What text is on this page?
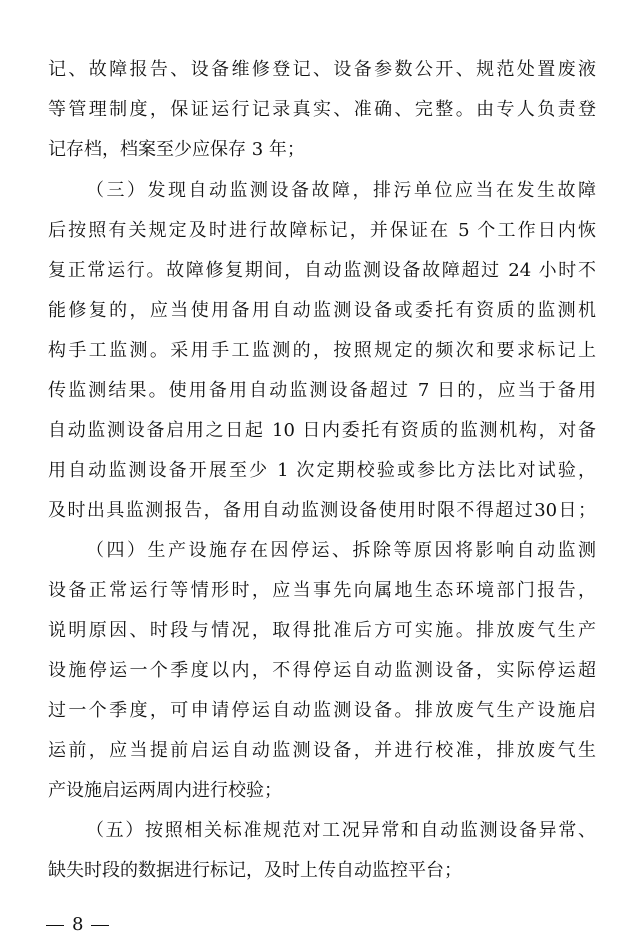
记、故障报告、设备维修登记、设备参数公开、规范处置废液
等管理制度，保证运行记录真实、准确、完整。由专人负责登
记存档，档案至少应保存 3 年；
（三）发现自动监测设备故障，排污单位应当在发生故障
后按照有关规定及时进行故障标记，并保证在 5 个工作日内恢
复正常运行。故障修复期间，自动监测设备故障超过 24 小时不
能修复的，应当使用备用自动监测设备或委托有资质的监测机
构手工监测。采用手工监测的，按照规定的频次和要求标记上
传监测结果。使用备用自动监测设备超过 7 日的，应当于备用
自动监测设备启用之日起 10 日内委托有资质的监测机构，对备
用自动监测设备开展至少 1 次定期校验或参比方法比对试验，
及时出具监测报告，备用自动监测设备使用时限不得超过30日；
（四）生产设施存在因停运、拆除等原因将影响自动监测
设备正常运行等情形时，应当事先向属地生态环境部门报告，
说明原因、时段与情况，取得批准后方可实施。排放废气生产
设施停运一个季度以内，不得停运自动监测设备，实际停运超
过一个季度，可申请停运自动监测设备。排放废气生产设施启
运前，应当提前启运自动监测设备，并进行校准，排放废气生
产设施启运两周内进行校验；
（五）按照相关标准规范对工况异常和自动监测设备异常、
缺失时段的数据进行标记，及时上传自动监控平台；
8
